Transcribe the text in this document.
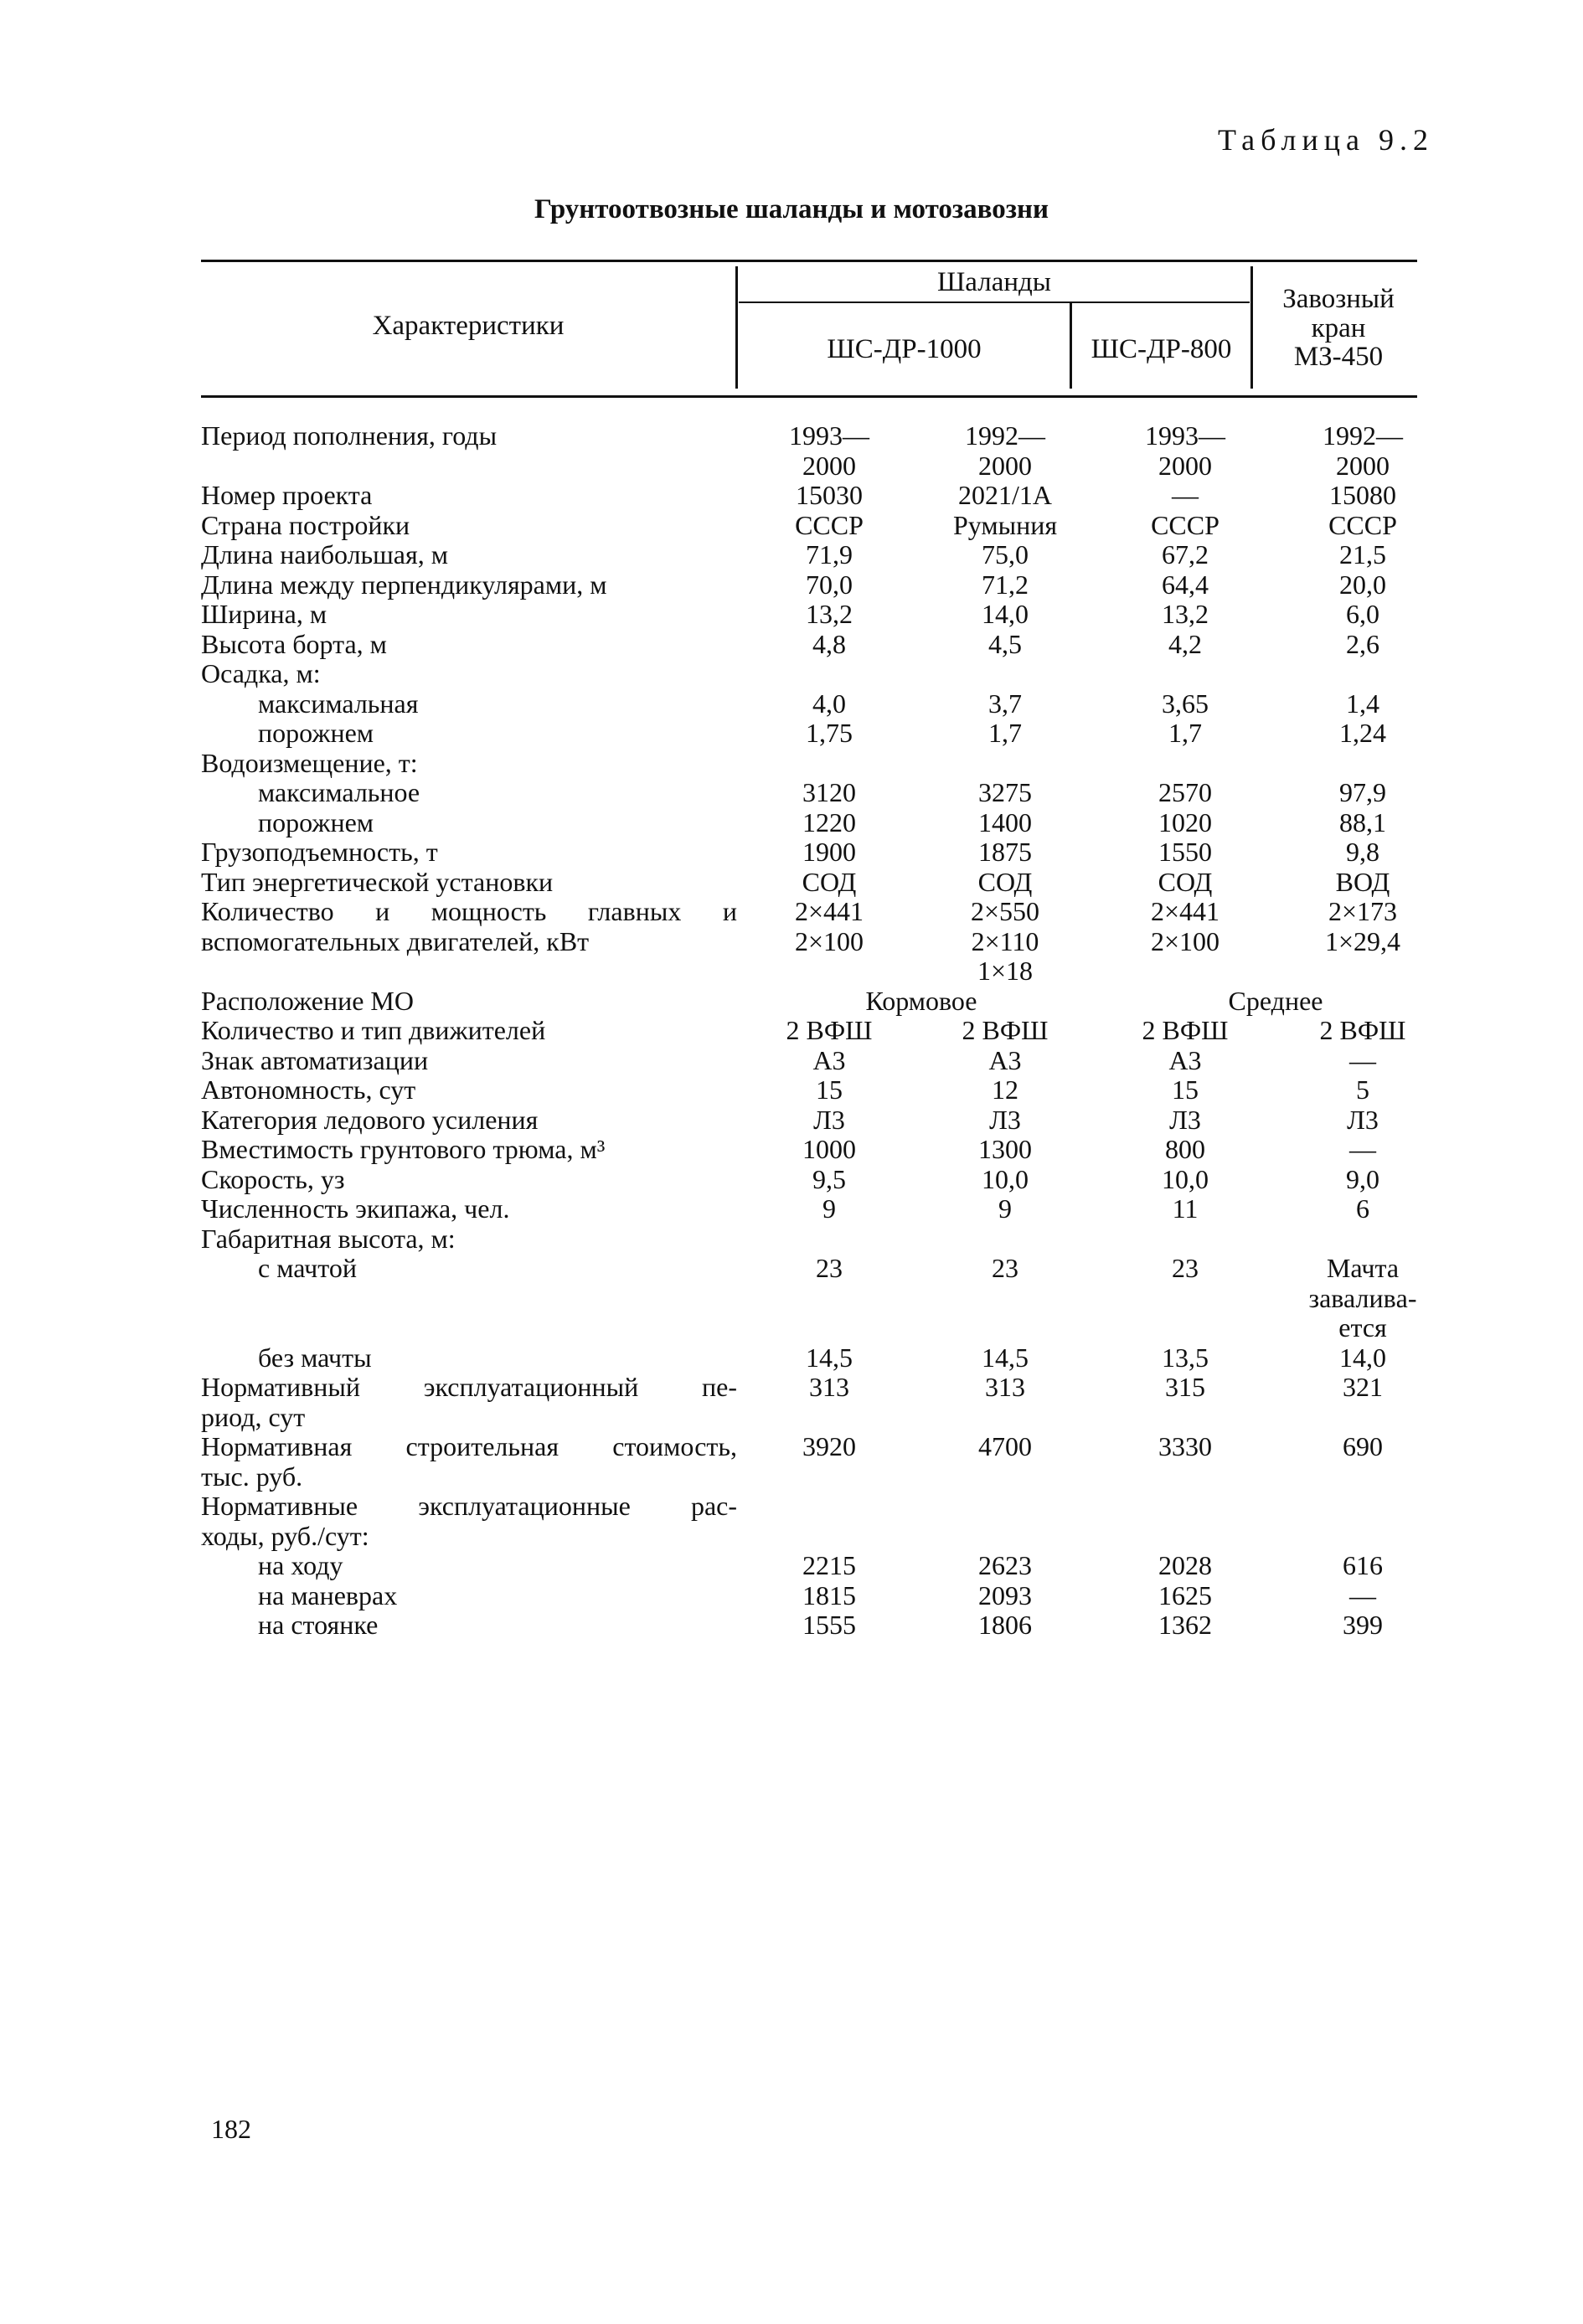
Таблица 9.2
Грунтоотвозные шаланды и мотозавозни
Характеристики
Шаланды
ШС-ДР-1000	ШС-ДР-800
Завозный
кран
МЗ-450
Период пополнения, годы	1993—	1992—	1993—	1992—
2000	2000	2000	2000
Номер проекта	15030	2021/1А	—	15080
Страна постройки	СССР	Румыния	СССР	СССР
Длина наибольшая, м	71,9	75,0	67,2	21,5
Длина между перпендикулярами, м	70,0	71,2	64,4	20,0
Ширина, м	13,2	14,0	13,2	6,0
Высота борта, м	4,8	4,5	4,2	2,6
Осадка, м:
максимальная	4,0	3,7	3,65	1,4
порожнем	1,75	1,7	1,7	1,24
Водоизмещение, т:
максимальное	3120	3275	2570	97,9
порожнем	1220	1400	1020	88,1
Грузоподъемность, т	1900	1875	1550	9,8
Тип энергетической установки	СОД	СОД	СОД	ВОД
Количество и мощность главных и	2×441	2×550	2×441	2×173
вспомогательных двигателей, кВт	2×100	2×110	2×100	1×29,4
1×18
Расположение МО	Кормовое	Среднее
Количество и тип движителей	2 ВФШ	2 ВФШ	2 ВФШ	2 ВФШ
Знак автоматизации	А3	А3	А3	—
Автономность, сут	15	12	15	5
Категория ледового усиления	Л3	Л3	Л3	Л3
Вместимость грунтового трюма, м³	1000	1300	800	—
Скорость, уз	9,5	10,0	10,0	9,0
Численность экипажа, чел.	9	9	11	6
Габаритная высота, м:
с мачтой	23	23	23	Мачта
заваливa-
ется
без мачты	14,5	14,5	13,5	14,0
Нормативный эксплуатационный пе-	313	313	315	321
риод, сут
Нормативная строительная стоимость,	3920	4700	3330	690
тыс. руб.
Нормативные эксплуатационные рас-
ходы, руб./сут:
на ходу	2215	2623	2028	616
на маневрах	1815	2093	1625	—
на стоянке	1555	1806	1362	399
182
